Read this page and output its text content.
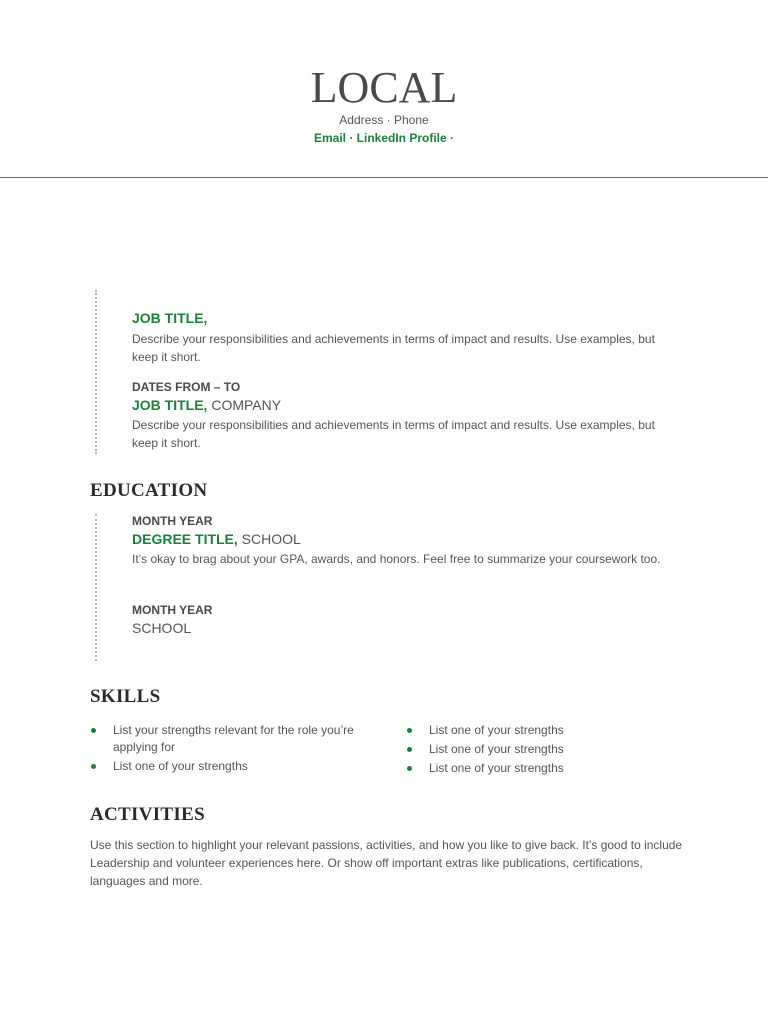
LOCAL
Address · Phone
Email · LinkedIn Profile ·
JOB TITLE,
Describe your responsibilities and achievements in terms of impact and results. Use examples, but keep it short.
DATES FROM – TO
JOB TITLE, COMPANY
Describe your responsibilities and achievements in terms of impact and results. Use examples, but keep it short.
EDUCATION
MONTH YEAR
DEGREE TITLE, SCHOOL
It’s okay to brag about your GPA, awards, and honors. Feel free to summarize your coursework too.
MONTH YEAR
SCHOOL
SKILLS
List your strengths relevant for the role you’re applying for
List one of your strengths
List one of your strengths
List one of your strengths
List one of your strengths
ACTIVITIES
Use this section to highlight your relevant passions, activities, and how you like to give back. It’s good to include Leadership and volunteer experiences here. Or show off important extras like publications, certifications, languages and more.
